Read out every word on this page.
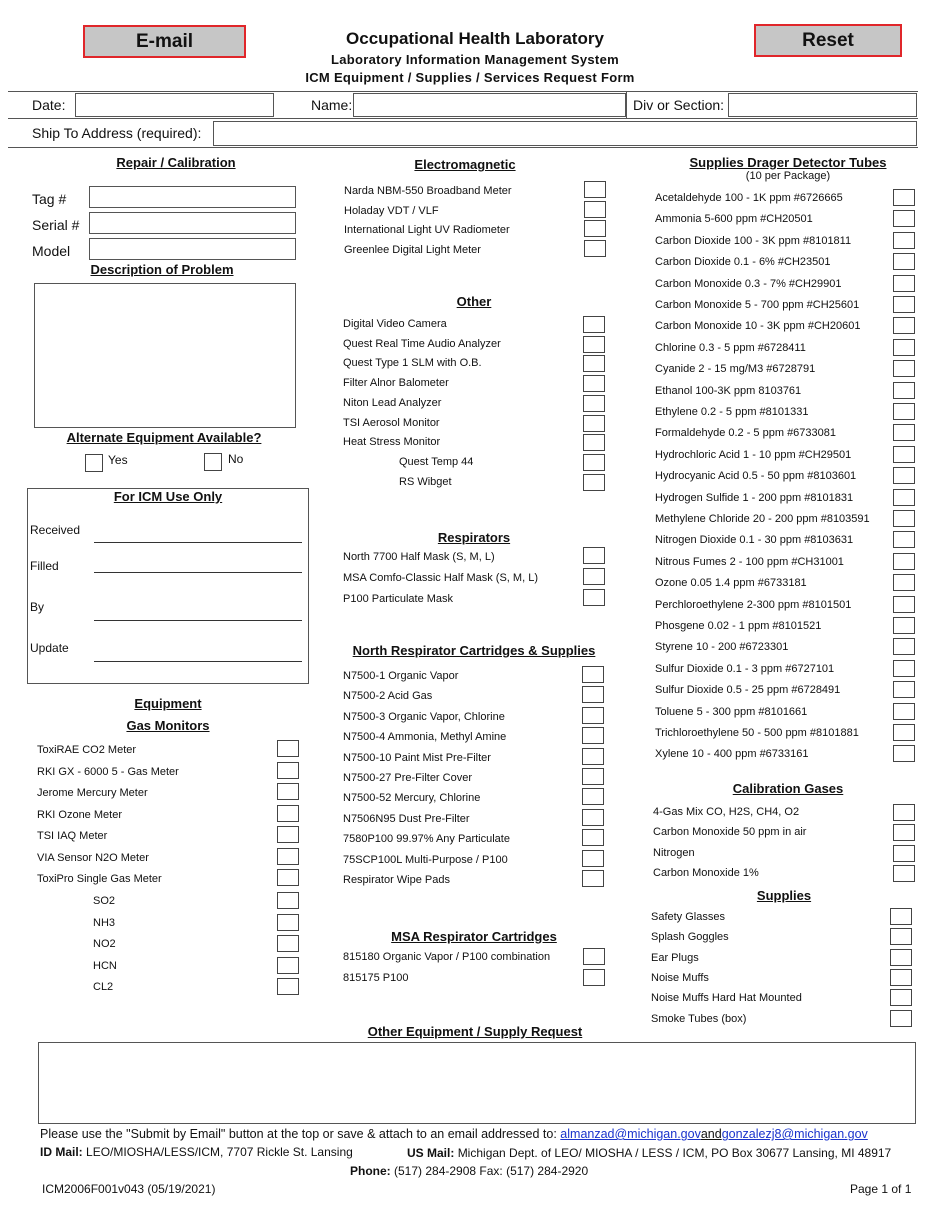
E-mail	Reset
Occupational Health Laboratory
Laboratory Information Management System
ICM Equipment / Supplies / Services Request Form
Date:	Name:	Div or Section:
Ship To Address (required):
Repair / Calibration
Tag #
Serial #
Model
Description of Problem
Alternate Equipment Available?
Yes	No
For ICM Use Only
Received
Filled
By
Update
Equipment
Gas Monitors
ToxiRAE CO2 Meter
RKI GX - 6000 5 - Gas Meter
Jerome Mercury Meter
RKI Ozone Meter
TSI IAQ Meter
VIA Sensor N2O Meter
ToxiPro Single Gas Meter
SO2
NH3
NO2
HCN
CL2
Electromagnetic
Narda NBM-550 Broadband Meter
Holaday VDT / VLF
International Light UV Radiometer
Greenlee Digital Light Meter
Other
Digital Video Camera
Quest Real Time Audio Analyzer
Quest Type 1 SLM with O.B.
Filter Alnor Balometer
Niton Lead Analyzer
TSI Aerosol Monitor
Heat Stress Monitor
Quest Temp 44
RS Wibget
Respirators
North 7700 Half Mask (S, M, L)
MSA Comfo-Classic Half Mask (S, M, L)
P100 Particulate Mask
North Respirator Cartridges & Supplies
N7500-1 Organic Vapor
N7500-2 Acid Gas
N7500-3 Organic Vapor, Chlorine
N7500-4 Ammonia, Methyl Amine
N7500-10 Paint Mist Pre-Filter
N7500-27 Pre-Filter Cover
N7500-52 Mercury, Chlorine
N7506N95 Dust Pre-Filter
7580P100 99.97% Any Particulate
75SCP100L Multi-Purpose / P100
Respirator Wipe Pads
MSA Respirator Cartridges
815180 Organic Vapor / P100 combination
815175 P100
Supplies Drager Detector Tubes
(10 per Package)
Acetaldehyde 100 - 1K ppm #6726665
Ammonia 5-600 ppm #CH20501
Carbon Dioxide 100 - 3K ppm #8101811
Carbon Dioxide 0.1 - 6% #CH23501
Carbon Monoxide 0.3 - 7% #CH29901
Carbon Monoxide 5 - 700 ppm #CH25601
Carbon Monoxide 10 - 3K ppm #CH20601
Chlorine 0.3 - 5 ppm #6728411
Cyanide 2 - 15 mg/M3 #6728791
Ethanol 100-3K ppm 8103761
Ethylene 0.2 - 5 ppm #8101331
Formaldehyde 0.2 - 5 ppm #6733081
Hydrochloric Acid 1 - 10 ppm #CH29501
Hydrocyanic Acid 0.5 - 50 ppm #8103601
Hydrogen Sulfide 1 - 200 ppm #8101831
Methylene Chloride 20 - 200 ppm #8103591
Nitrogen Dioxide 0.1 - 30 ppm #8103631
Nitrous Fumes 2 - 100 ppm #CH31001
Ozone 0.05 1.4 ppm #6733181
Perchloroethylene 2-300 ppm #8101501
Phosgene 0.02 - 1 ppm #8101521
Styrene 10 - 200 #6723301
Sulfur Dioxide 0.1 - 3 ppm #6727101
Sulfur Dioxide 0.5 - 25 ppm #6728491
Toluene 5 - 300 ppm #8101661
Trichloroethylene 50 - 500 ppm #8101881
Xylene 10 - 400 ppm #6733161
Calibration Gases
4-Gas Mix CO, H2S, CH4, O2
Carbon Monoxide 50 ppm in air
Nitrogen
Carbon Monoxide 1%
Supplies
Safety Glasses
Splash Goggles
Ear Plugs
Noise Muffs
Noise Muffs Hard Hat Mounted
Smoke Tubes (box)
Other Equipment / Supply Request
Please use the "Submit by Email" button at the top or save & attach to an email addressed to: almanzad@michigan.govandgonzalezj8@michigan.gov
ID Mail: LEO/MIOSHA/LESS/ICM, 7707 Rickle St. Lansing	US Mail: Michigan Dept. of LEO/ MIOSHA / LESS / ICM, PO Box 30677 Lansing, MI 48917
Phone: (517) 284-2908 Fax: (517) 284-2920
ICM2006F001v043 (05/19/2021)	Page 1 of 1
